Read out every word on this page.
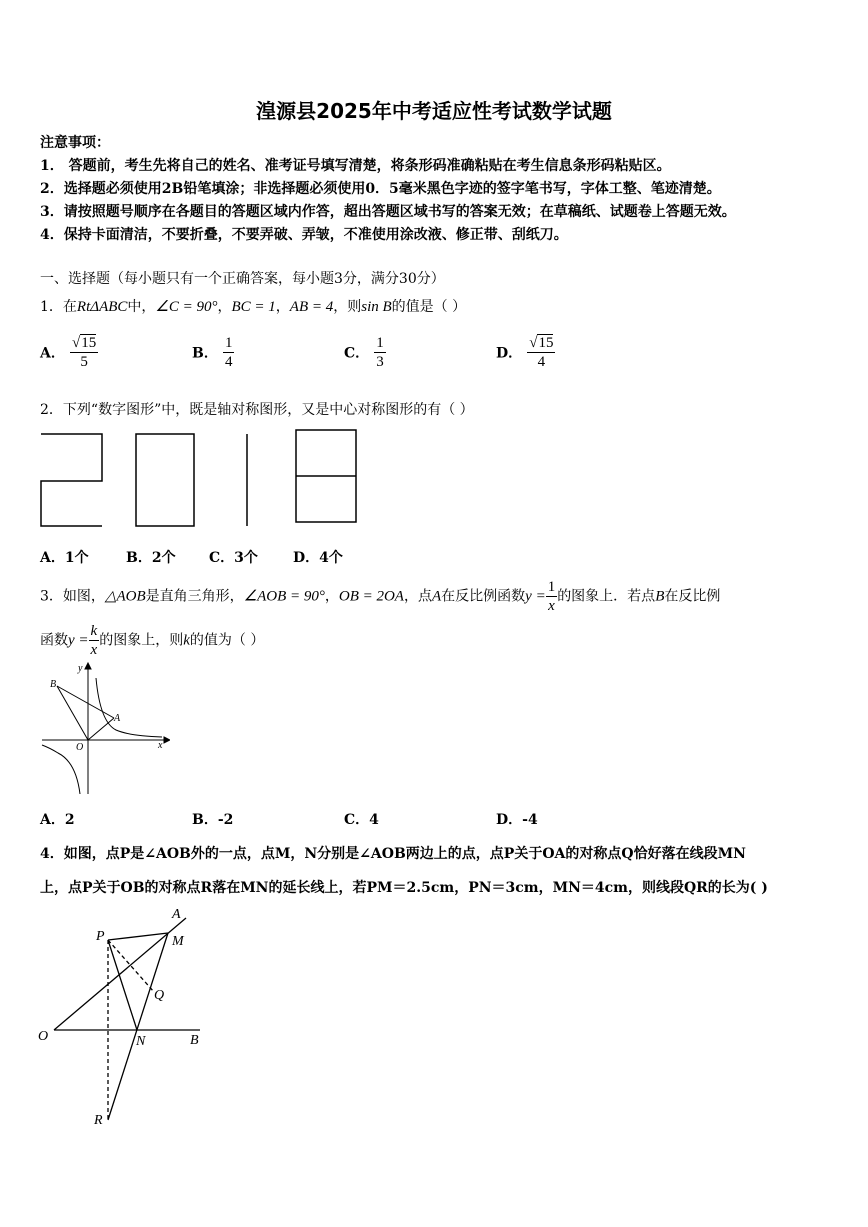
湟源县2025年中考适应性考试数学试题
注意事项：
1． 答题前，考生先将自己的姓名、准考证号填写清楚，将条形码准确粘贴在考生信息条形码粘贴区。
2．选择题必须使用2B铅笔填涂；非选择题必须使用0．5毫米黑色字迹的签字笔书写，字体工整、笔迹清楚。
3．请按照题号顺序在各题目的答题区域内作答，超出答题区域书写的答案无效；在草稿纸、试题卷上答题无效。
4．保持卡面清洁，不要折叠，不要弄破、弄皱，不准使用涂改液、修正带、刮纸刀。
一、选择题（每小题只有一个正确答案，每小题3分，满分30分）
1．在RtΔABC中，∠C = 90°，BC = 1，AB = 4，则sin B的值是（ ）
A． $\frac{√15}{5}$	B． $\frac{1}{4}$	C． $\frac{1}{3}$	D． $\frac{√15}{4}$
2．下列“数字图形”中，既是轴对称图形，又是中心对称图形的有（ ）
A．1个	B．2个 C．3个	D．4个
3．如图，△AOB是直角三角形，∠AOB = 90°，OB = 2OA，点A在反比例函数$y = \frac{1}{x}$ 的图象上．若点B在反比例
函数$y = \frac{k}{x}$ 的图象上，则k的值为（ ）
B
A
O	x
y
A．2	B．-2	C．4	D．-4
4．如图，点P是∠AOB外的一点，点M，N分别是∠AOB两边上的点，点P关于OA的对称点Q恰好落在线段MN
上，点P关于OB的对称点R落在MN的延长线上，若PM＝2.5cm，PN＝3cm，MN＝4cm，则线段QR的长为( )
A
B
O
P	M
Q
N
R
